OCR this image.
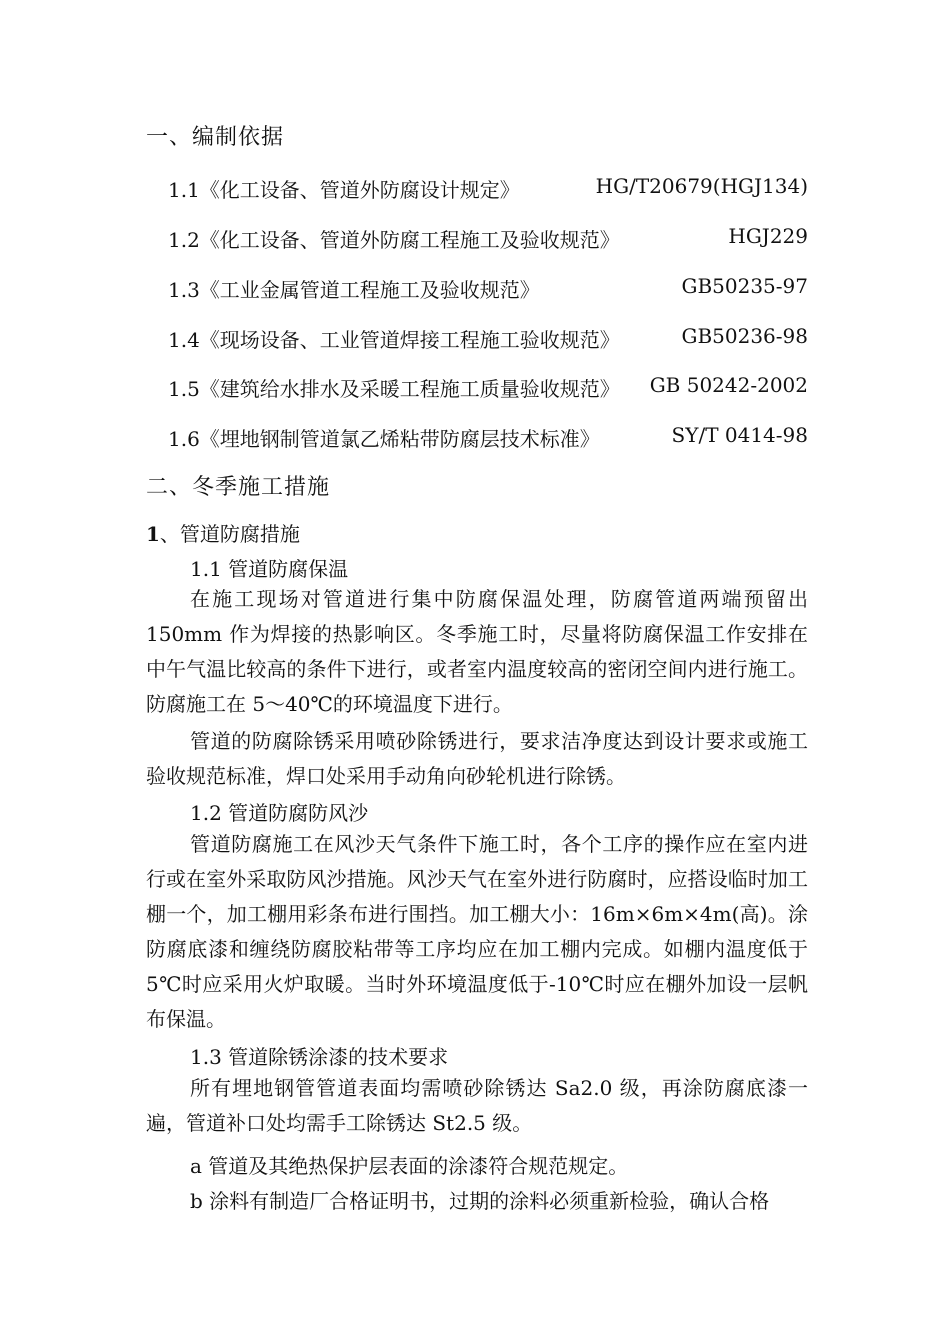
一、编制依据
1.1《化工设备、管道外防腐设计规定》	HG/T20679(HGJ134)
1.2《化工设备、管道外防腐工程施工及验收规范》	HGJ229
1.3《工业金属管道工程施工及验收规范》	GB50235-97
1.4《现场设备、工业管道焊接工程施工验收规范》	GB50236-98
1.5《建筑给水排水及采暖工程施工质量验收规范》 GB 50242-2002
1.6《埋地钢制管道氯乙烯粘带防腐层技术标准》	SY/T 0414-98
二、冬季施工措施
1、管道防腐措施
1.1 管道防腐保温
在施工现场对管道进行集中防腐保温处理，防腐管道两端预留出150mm 作为焊接的热影响区。冬季施工时，尽量将防腐保温工作安排在中午气温比较高的条件下进行，或者室内温度较高的密闭空间内进行施工。防腐施工在 5～40℃的环境温度下进行。
管道的防腐除锈采用喷砂除锈进行，要求洁净度达到设计要求或施工验收规范标准，焊口处采用手动角向砂轮机进行除锈。
1.2 管道防腐防风沙
管道防腐施工在风沙天气条件下施工时，各个工序的操作应在室内进行或在室外采取防风沙措施。风沙天气在室外进行防腐时，应搭设临时加工棚一个，加工棚用彩条布进行围挡。加工棚大小：16m×6m×4m(高)。涂防腐底漆和缠绕防腐胶粘带等工序均应在加工棚内完成。如棚内温度低于 5℃时应采用火炉取暖。当时外环境温度低于-10℃时应在棚外加设一层帆布保温。
1.3 管道除锈涂漆的技术要求
所有埋地钢管管道表面均需喷砂除锈达 Sa2.0 级，再涂防腐底漆一遍，管道补口处均需手工除锈达 St2.5 级。
a 管道及其绝热保护层表面的涂漆符合规范规定。
b 涂料有制造厂合格证明书，过期的涂料必须重新检验，确认合格
